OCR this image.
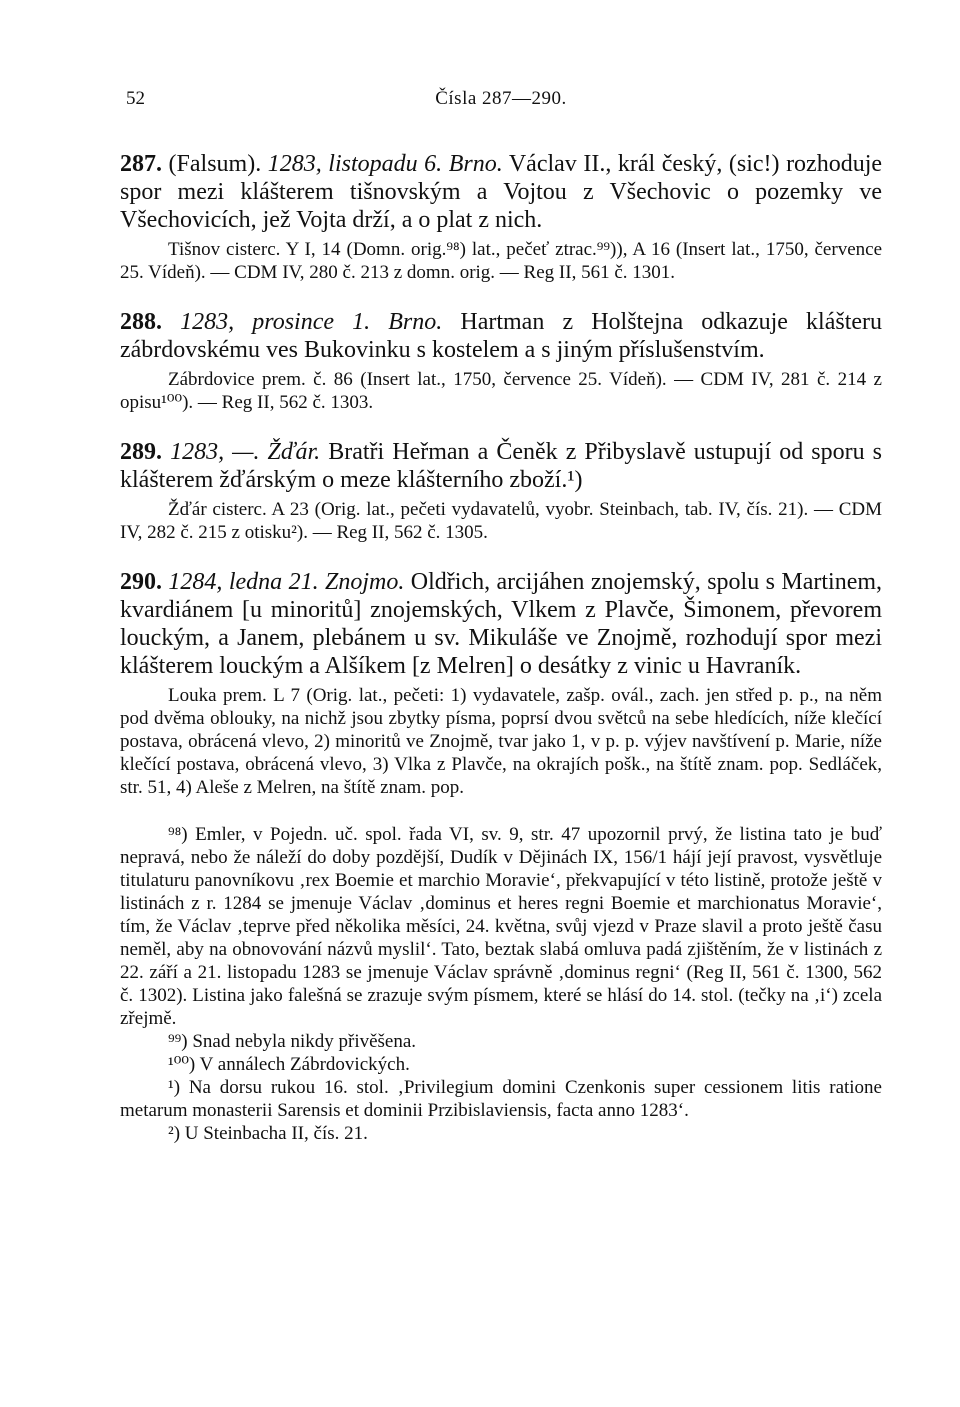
52	Čísla 287—290.

287. (Falsum). 1283, listopadu 6. Brno. Václav II., král český, (sic!) rozhoduje spor mezi klášterem tišnovským a Vojtou z Všechovic o pozemky ve Všechovicích, jež Vojta drží, a o plat z nich.

Tišnov cisterc. Y I, 14 (Domn. orig.⁹⁸) lat., pečeť ztrac.⁹⁹)), A 16 (Insert lat., 1750, července 25. Vídeň). — CDM IV, 280 č. 213 z domn. orig. — Reg II, 561 č. 1301.

288. 1283, prosince 1. Brno. Hartman z Holštejna odkazuje klášteru zábrdovskému ves Bukovinku s kostelem a s jiným příslušenstvím.

Zábrdovice prem. č. 86 (Insert lat., 1750, července 25. Vídeň). — CDM IV, 281 č. 214 z opisu¹⁰⁰). — Reg II, 562 č. 1303.

289. 1283, —. Žďár. Bratři Heřman a Čeněk z Přibyslavě ustupují od sporu s klášterem žďárským o meze klášterního zboží.¹)

Žďár cisterc. A 23 (Orig. lat., pečeti vydavatelů, vyobr. Steinbach, tab. IV, čís. 21). — CDM IV, 282 č. 215 z otisku²). — Reg II, 562 č. 1305.

290. 1284, ledna 21. Znojmo. Oldřich, arcijáhen znojemský, spolu s Martinem, kvardiánem [u minoritů] znojemských, Vlkem z Plavče, Šimonem, převorem louckým, a Janem, plebánem u sv. Mikuláše ve Znojmě, rozhodují spor mezi klášterem louckým a Alšíkem [z Melren] o desátky z vinic u Havraník.

Louka prem. L 7 (Orig. lat., pečeti: 1) vydavatele, zašp. ovál., zach. jen střed p. p., na něm pod dvěma oblouky, na nichž jsou zbytky písma, poprsí dvou světců na sebe hledících, níže klečící postava, obrácená vlevo, 2) minoritů ve Znojmě, tvar jako 1, v p. p. výjev navštívení p. Marie, níže klečící postava, obrácená vlevo, 3) Vlka z Plavče, na okrajích pošk., na štítě znam. pop. Sedláček, str. 51, 4) Aleše z Melren, na štítě znam. pop.

⁹⁸) Emler, v Pojedn. uč. spol. řada VI, sv. 9, str. 47 upozornil prvý, že listina tato je buď nepravá, nebo že náleží do doby pozdější, Dudík v Dějinách IX, 156/1 hájí její pravost, vysvětluje titulaturu panovníkovu ‚rex Boemie et marchio Moravie‘, překvapující v této listině, protože ještě v listinách z r. 1284 se jmenuje Václav ‚dominus et heres regni Boemie et marchionatus Moravie‘, tím, že Václav ‚teprve před několika měsíci, 24. května, svůj vjezd v Praze slavil a proto ještě času neměl, aby na obnovování názvů myslil‘. Tato, beztak slabá omluva padá zjištěním, že v listinách z 22. září a 21. listopadu 1283 se jmenuje Václav správně ‚dominus regni‘ (Reg II, 561 č. 1300, 562 č. 1302). Listina jako falešná se zrazuje svým písmem, které se hlásí do 14. stol. (tečky na ‚i‘) zcela zřejmě.

⁹⁹) Snad nebyla nikdy přivěšena.

¹⁰⁰) V annálech Zábrdovických.

¹) Na dorsu rukou 16. stol. ‚Privilegium domini Czenkonis super cessionem litis ratione metarum monasterii Sarensis et dominii Przibislaviensis, facta anno 1283‘.

²) U Steinbacha II, čís. 21.
